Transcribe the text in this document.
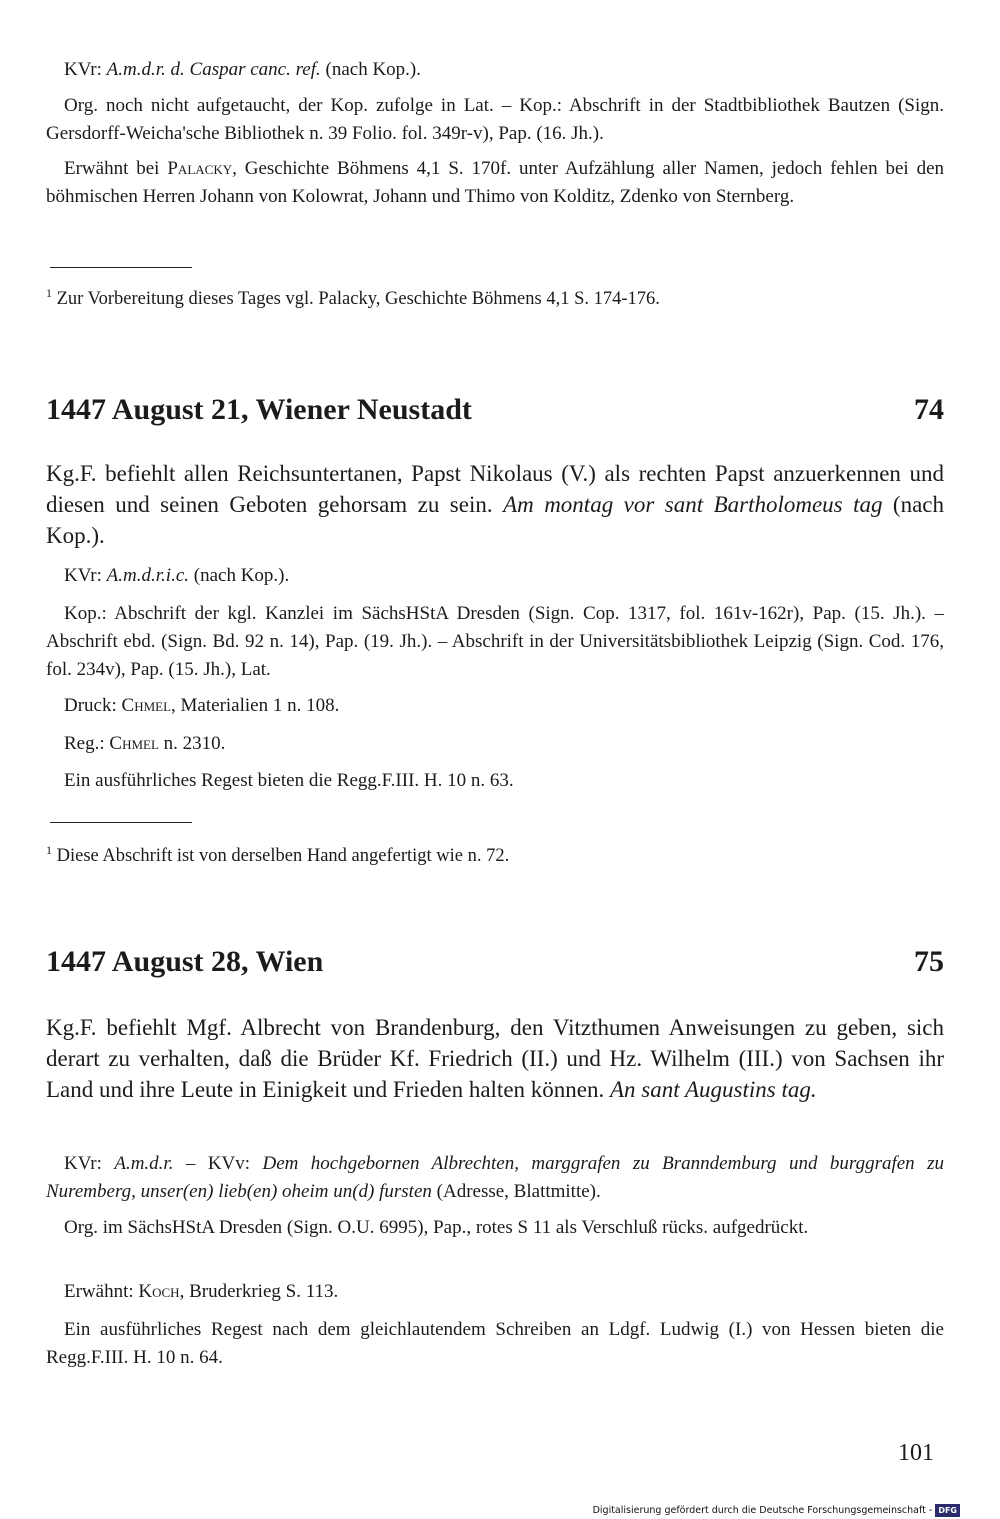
KVr: A.m.d.r. d. Caspar canc. ref. (nach Kop.).

Org. noch nicht aufgetaucht, der Kop. zufolge in Lat. – Kop.: Abschrift in der Stadtbibliothek Bautzen (Sign. Gersdorff-Weicha'sche Bibliothek n. 39 Folio. fol. 349r-v), Pap. (16. Jh.).

Erwähnt bei Palacky, Geschichte Böhmens 4,1 S. 170f. unter Aufzählung aller Namen, jedoch fehlen bei den böhmischen Herren Johann von Kolowrat, Johann und Thimo von Kolditz, Zdenko von Sternberg.

$^1$ Zur Vorbereitung dieses Tages vgl. Palacky, Geschichte Böhmens 4,1 S. 174-176.

1447 August 21, Wiener Neustadt	74

Kg.F. befiehlt allen Reichsuntertanen, Papst Nikolaus (V.) als rechten Papst anzuerkennen und diesen und seinen Geboten gehorsam zu sein. Am montag vor sant Bartholomeus tag (nach Kop.).

KVr: A.m.d.r.i.c. (nach Kop.).

Kop.: Abschrift der kgl. Kanzlei im SächsHStA Dresden (Sign. Cop. 1317, fol. 161v-162r), Pap. (15. Jh.). – Abschrift ebd. (Sign. Bd. 92 n. 14), Pap. (19. Jh.). – Abschrift in der Universitätsbibliothek Leipzig (Sign. Cod. 176, fol. 234v), Pap. (15. Jh.), Lat.

Druck: Chmel, Materialien 1 n. 108.

Reg.: Chmel n. 2310.

Ein ausführliches Regest bieten die Regg.F.III. H. 10 n. 63.

$^1$ Diese Abschrift ist von derselben Hand angefertigt wie n. 72.

1447 August 28, Wien	75

Kg.F. befiehlt Mgf. Albrecht von Brandenburg, den Vitzthumen Anweisungen zu geben, sich derart zu verhalten, daß die Brüder Kf. Friedrich (II.) und Hz. Wilhelm (III.) von Sachsen ihr Land und ihre Leute in Einigkeit und Frieden halten können. An sant Augustins tag.

KVr: A.m.d.r. – KVv: Dem hochgebornen Albrechten, marggrafen zu Branndemburg und burggrafen zu Nuremberg, unser(en) lieb(en) oheim un(d) fursten (Adresse, Blattmitte).

Org. im SächsHStA Dresden (Sign. O.U. 6995), Pap., rotes S 11 als Verschluß rücks. aufgedrückt.

Erwähnt: Koch, Bruderkrieg S. 113.

Ein ausführliches Regest nach dem gleichlautendem Schreiben an Ldgf. Ludwig (I.) von Hessen bieten die Regg.F.III. H. 10 n. 64.

101
Digitalisierung gefördert durch die Deutsche Forschungsgemeinschaft - DFG
